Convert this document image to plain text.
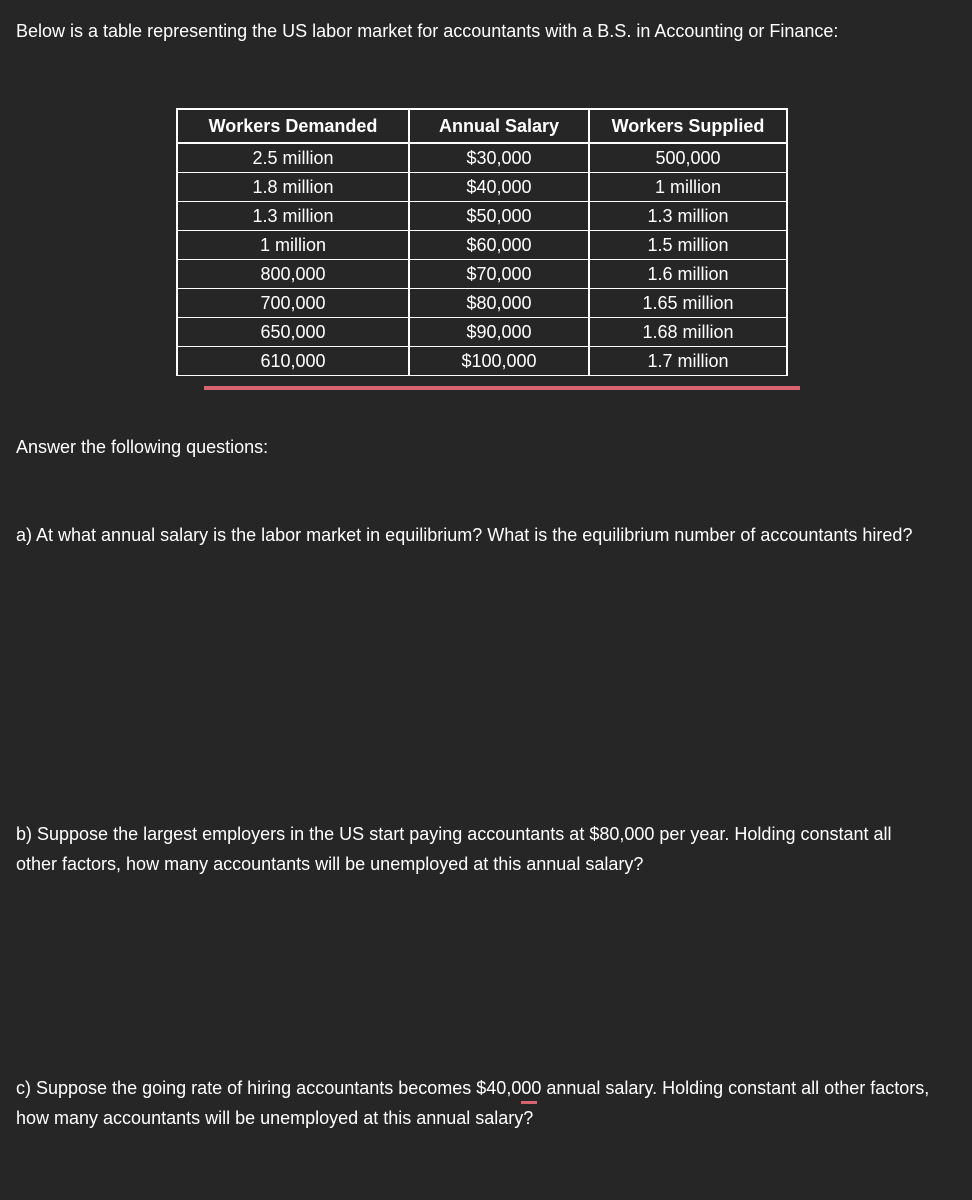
Below is a table representing the US labor market for accountants with a B.S. in Accounting or Finance:

Workers Demanded	Annual Salary	Workers Supplied
2.5 million	$30,000	500,000
1.8 million	$40,000	1 million
1.3 million	$50,000	1.3 million
1 million	$60,000	1.5 million
800,000	$70,000	1.6 million
700,000	$80,000	1.65 million
650,000	$90,000	1.68 million
610,000	$100,000	1.7 million

Answer the following questions:

a) At what annual salary is the labor market in equilibrium? What is the equilibrium number of accountants hired?

b) Suppose the largest employers in the US start paying accountants at $80,000 per year. Holding constant all other factors, how many accountants will be unemployed at this annual salary?

c) Suppose the going rate of hiring accountants becomes $40,000 annual salary. Holding constant all other factors, how many accountants will be unemployed at this annual salary?
